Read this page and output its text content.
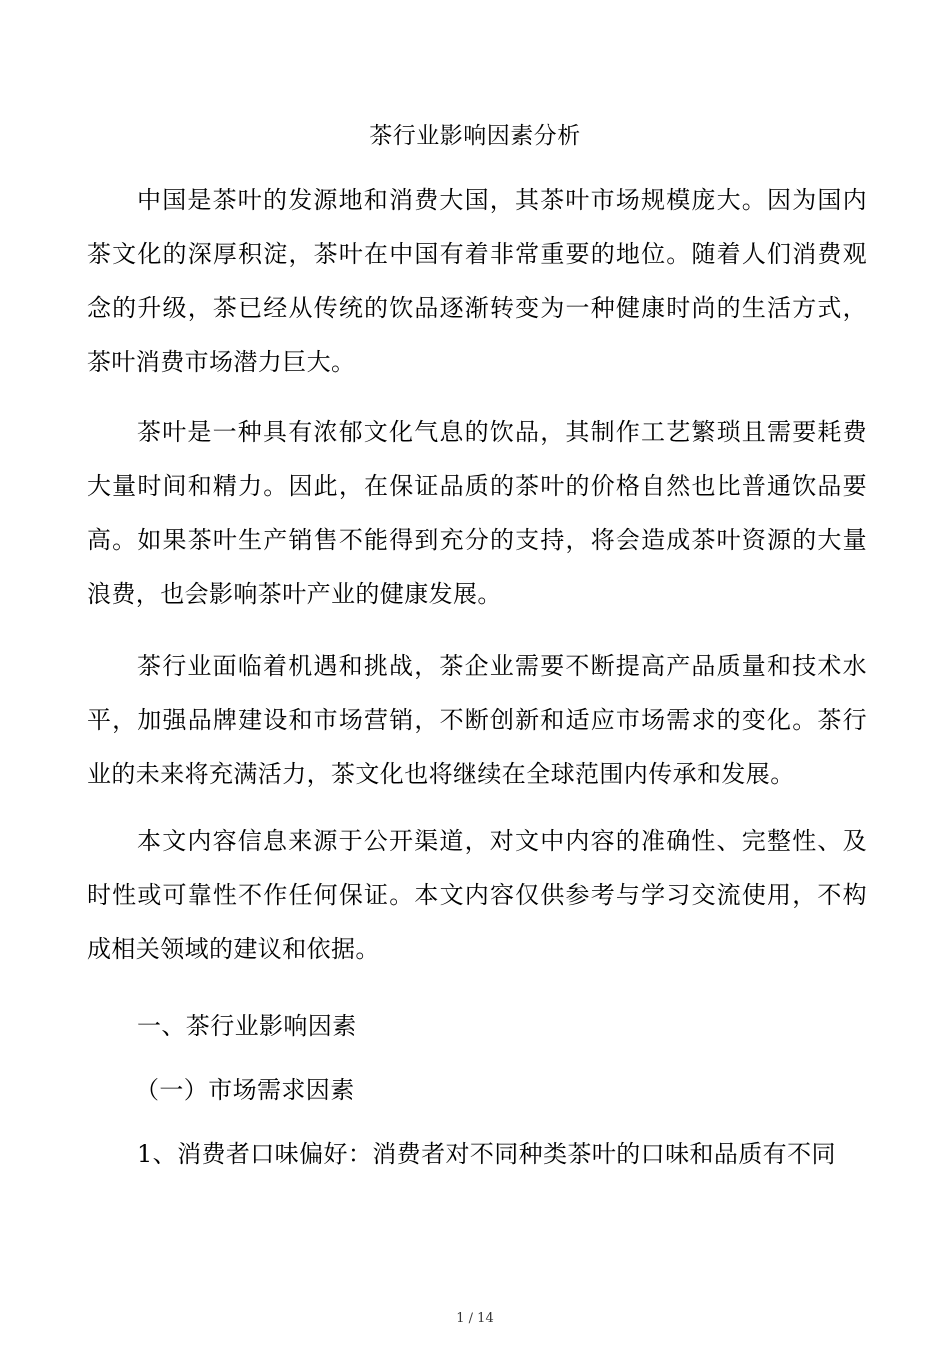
茶行业影响因素分析
中国是茶叶的发源地和消费大国，其茶叶市场规模庞大。因为国内茶文化的深厚积淀，茶叶在中国有着非常重要的地位。随着人们消费观念的升级，茶已经从传统的饮品逐渐转变为一种健康时尚的生活方式，茶叶消费市场潜力巨大。
茶叶是一种具有浓郁文化气息的饮品，其制作工艺繁琐且需要耗费大量时间和精力。因此，在保证品质的茶叶的价格自然也比普通饮品要高。如果茶叶生产销售不能得到充分的支持，将会造成茶叶资源的大量浪费，也会影响茶叶产业的健康发展。
茶行业面临着机遇和挑战，茶企业需要不断提高产品质量和技术水平，加强品牌建设和市场营销，不断创新和适应市场需求的变化。茶行业的未来将充满活力，茶文化也将继续在全球范围内传承和发展。
本文内容信息来源于公开渠道，对文中内容的准确性、完整性、及时性或可靠性不作任何保证。本文内容仅供参考与学习交流使用，不构成相关领域的建议和依据。
一、茶行业影响因素
（一）市场需求因素
1、消费者口味偏好：消费者对不同种类茶叶的口味和品质有不同
1 / 14
